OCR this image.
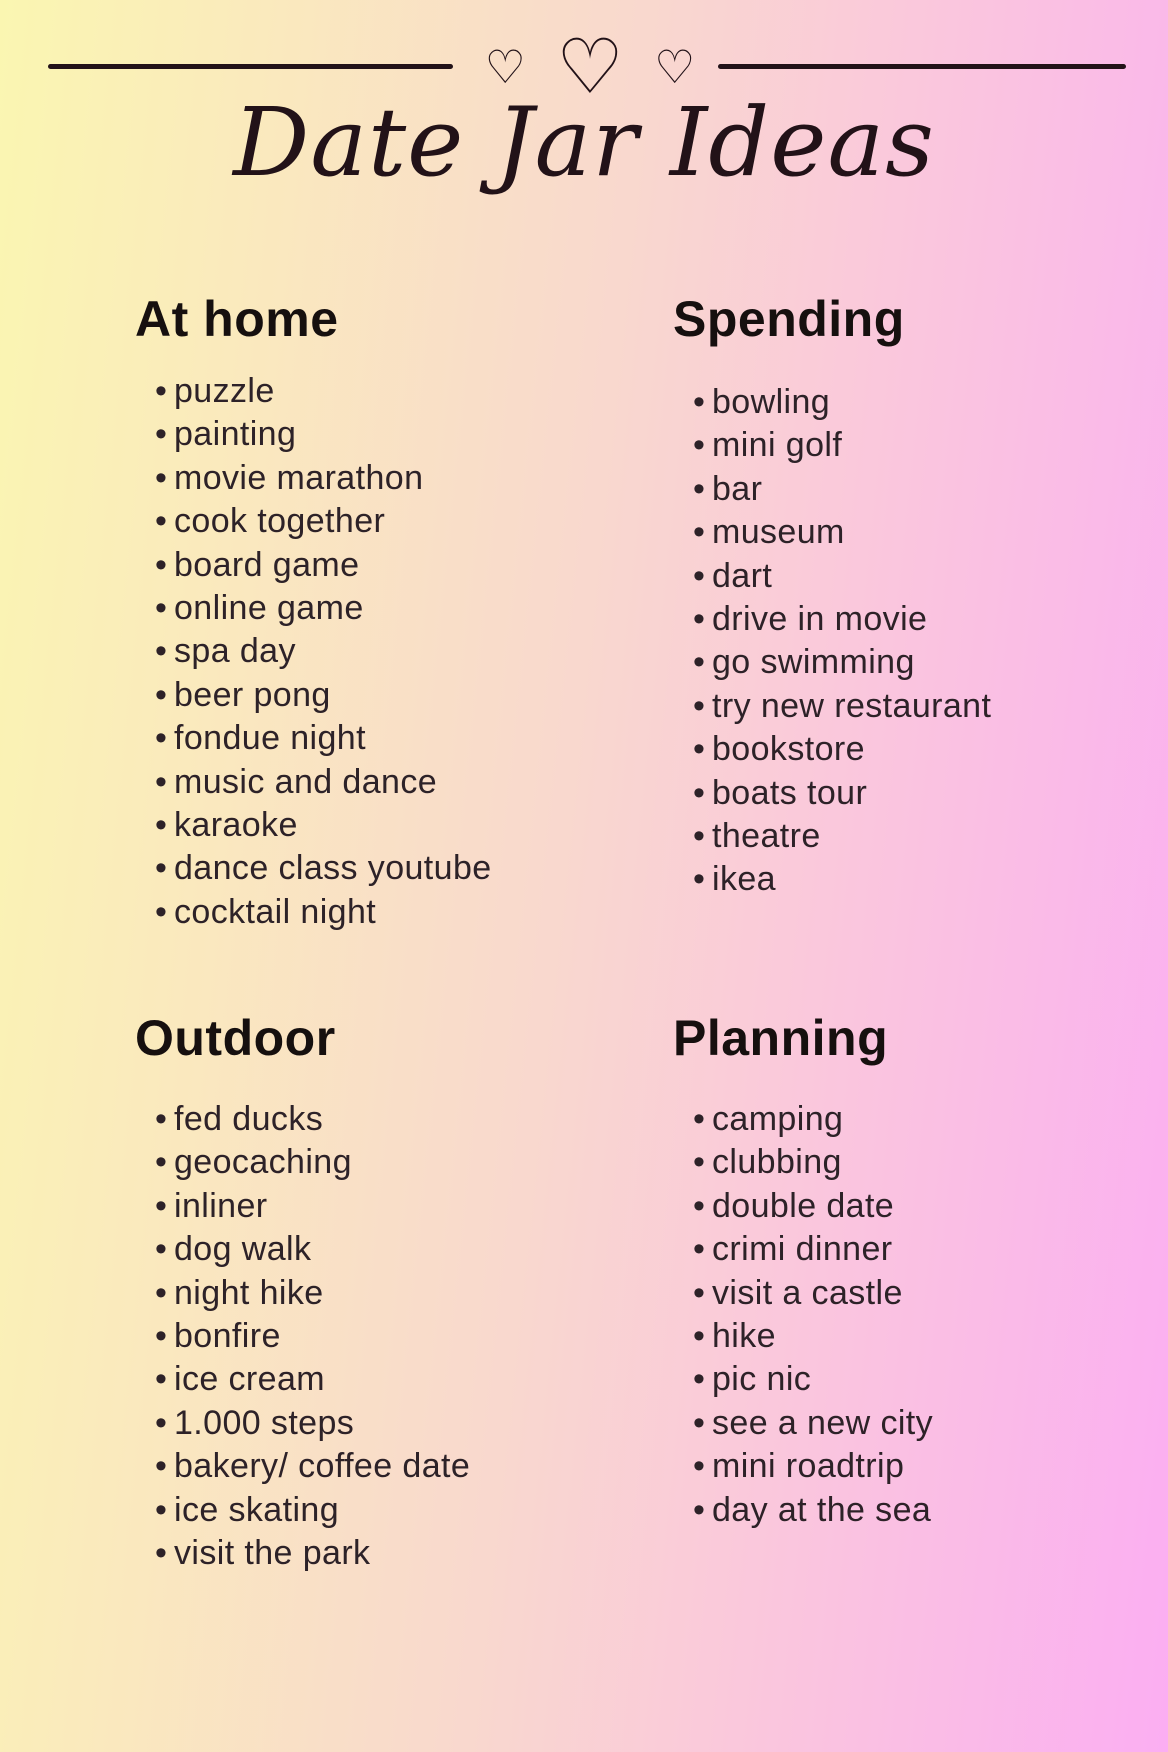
♡ ♡ ♡
Date Jar Ideas
At home
• puzzle
• painting
• movie marathon
• cook together
• board game
• online game
• spa day
• beer pong
• fondue night
• music and dance
• karaoke
• dance class youtube
• cocktail night
Spending
• bowling
• mini golf
• bar
• museum
• dart
• drive in movie
• go swimming
• try new restaurant
• bookstore
• boats tour
• theatre
• ikea
Outdoor
• fed ducks
• geocaching
• inliner
• dog walk
• night hike
• bonfire
• ice cream
• 1.000 steps
• bakery/ coffee date
• ice skating
• visit the park
Planning
• camping
• clubbing
• double date
• crimi dinner
• visit a castle
• hike
• pic nic
• see a new city
• mini roadtrip
• day at the sea
